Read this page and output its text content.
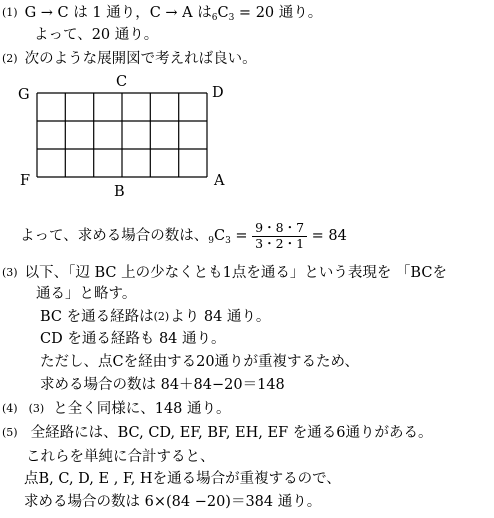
(1) G → C は 1 通り，C → A は$_6C_3 = 20$ 通り。
よって、20 通り。
(2) 次のような展開図で考えれば良い。
G
C
D
F
B
A
よって、求める場合の数は、$_9C_3 = \frac{9・8・7}{3・2・1} = 84$
(3) 以下、「辺 BC 上の少なくとも1点を通る」という表現を 「BCを
通る」と略す。
BC を通る経路は(2) より 84 通り。
CD を通る経路も 84 通り。
ただし、点Cを経由する20通りが重複するため、
求める場合の数は 84＋84−20＝148
(4) (3) と全く同様に、148 通り。
(5) 全経路には、BC, CD, EF, BF, EH, EF を通る6通りがある。
これらを単純に合計すると、
点B, C, D, E , F, Hを通る場合が重複するので、
求める場合の数は 6×(84 −20)＝384 通り。
